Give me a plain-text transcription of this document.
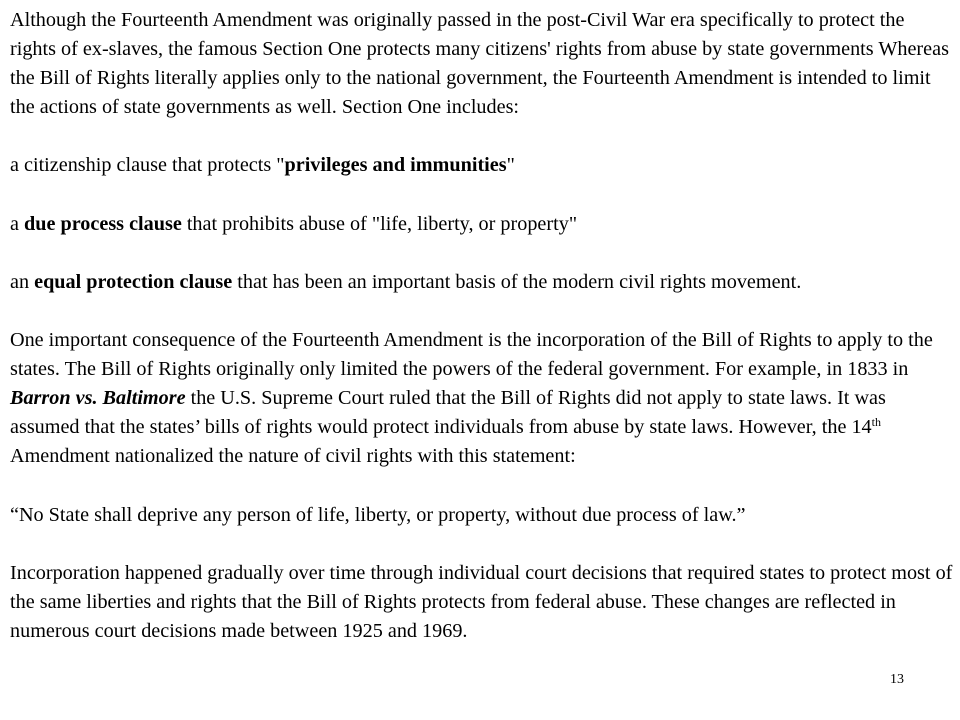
Although the Fourteenth Amendment was originally passed in the post-Civil War era specifically to protect the rights of ex-slaves, the famous Section One protects many citizens' rights from abuse by state governments Whereas the Bill of Rights literally applies only to the national government, the Fourteenth Amendment is intended to limit the actions of state governments as well. Section One includes:

a citizenship clause that protects "privileges and immunities"

a due process clause that prohibits abuse of "life, liberty, or property"

an equal protection clause that has been an important basis of the modern civil rights movement.

One important consequence of the Fourteenth Amendment is the incorporation of the Bill of Rights to apply to the states. The Bill of Rights originally only limited the powers of the federal government. For example, in 1833 in Barron vs. Baltimore the U.S. Supreme Court ruled that the Bill of Rights did not apply to state laws. It was assumed that the states’ bills of rights would protect individuals from abuse by state laws. However, the 14th Amendment nationalized the nature of civil rights with this statement:

“No State shall deprive any person of life, liberty, or property, without due process of law.”

Incorporation happened gradually over time through individual court decisions that required states to protect most of the same liberties and rights that the Bill of Rights protects from federal abuse. These changes are reflected in numerous court decisions made between 1925 and 1969.

13
